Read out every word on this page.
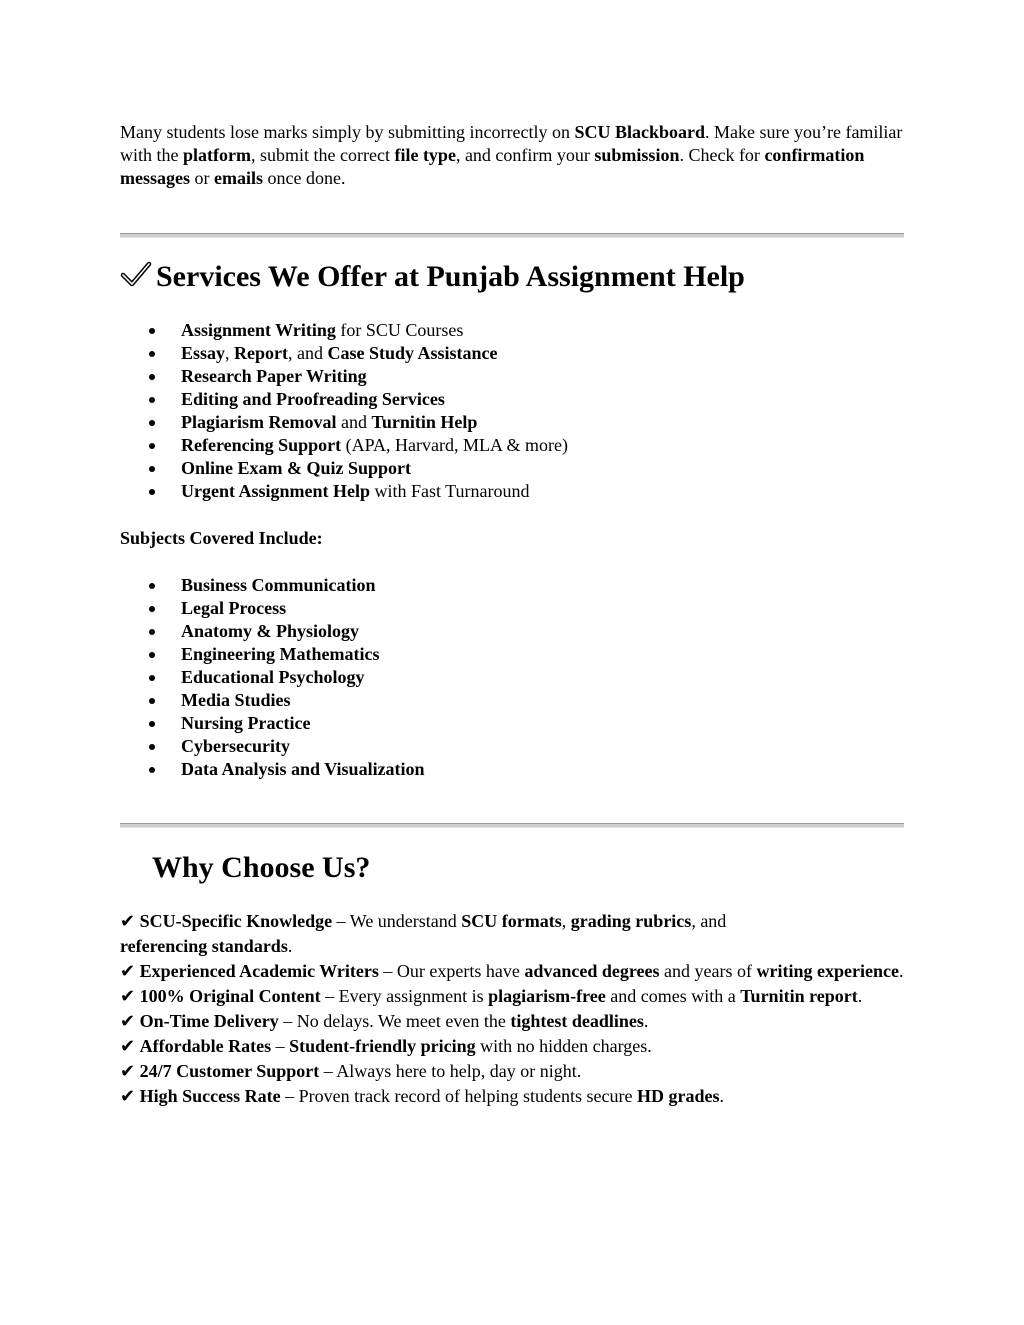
Many students lose marks simply by submitting incorrectly on SCU Blackboard. Make sure you’re familiar with the platform, submit the correct file type, and confirm your submission. Check for confirmation messages or emails once done.
Services We Offer at Punjab Assignment Help
Assignment Writing for SCU Courses
Essay, Report, and Case Study Assistance
Research Paper Writing
Editing and Proofreading Services
Plagiarism Removal and Turnitin Help
Referencing Support (APA, Harvard, MLA & more)
Online Exam & Quiz Support
Urgent Assignment Help with Fast Turnaround
Subjects Covered Include:
Business Communication
Legal Process
Anatomy & Physiology
Engineering Mathematics
Educational Psychology
Media Studies
Nursing Practice
Cybersecurity
Data Analysis and Visualization
Why Choose Us?

✔ SCU-Specific Knowledge – We understand SCU formats, grading rubrics, and
referencing standards.

✔ Experienced Academic Writers – Our experts have advanced degrees and years of writing experience.

✔ 100% Original Content – Every assignment is plagiarism-free and comes with a Turnitin report.

✔ On-Time Delivery – No delays. We meet even the tightest deadlines.

✔ Affordable Rates – Student-friendly pricing with no hidden charges.

✔ 24/7 Customer Support – Always here to help, day or night.

✔ High Success Rate – Proven track record of helping students secure HD grades.
